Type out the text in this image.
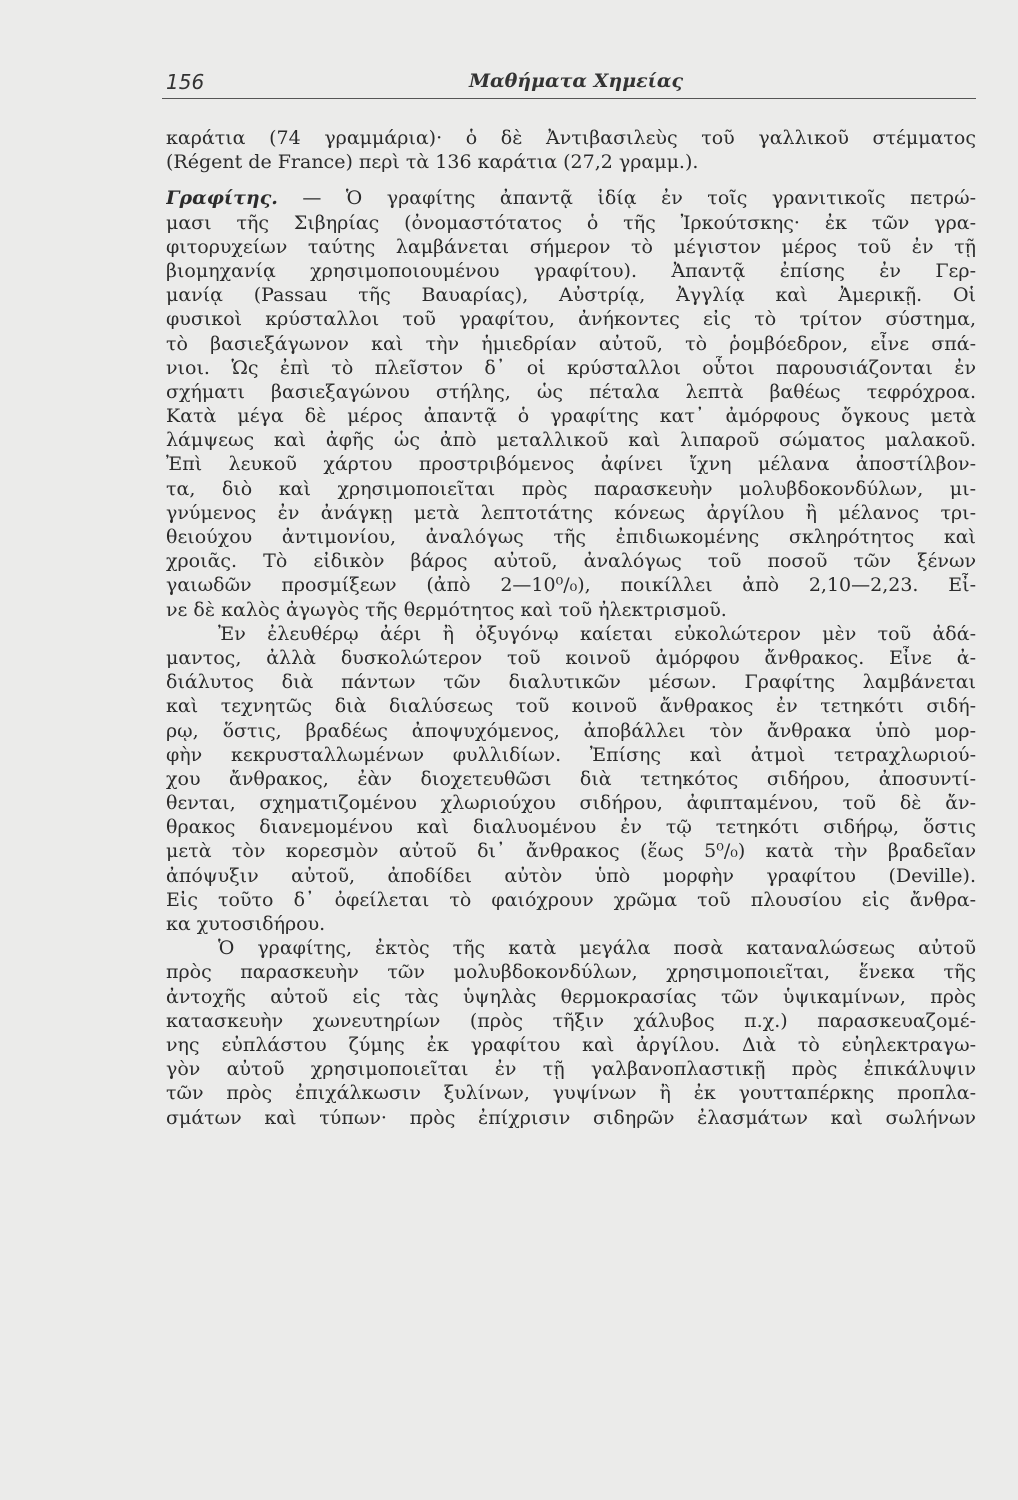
156	Μαθήματα Χημείας
καράτια (74 γραμμάρια)· ὁ δὲ Ἀντιβασιλεὺς τοῦ γαλλικοῦ στέμματος
(Régent de France) περὶ τὰ 136 καράτια (27,2 γραμμ.).
Γραφίτης. — Ὁ γραφίτης ἀπαντᾷ ἰδίᾳ ἐν τοῖς γρανιτικοῖς πετρώ-
μασι τῆς Σιβηρίας (ὀνομαστότατος ὁ τῆς Ἰρκούτσκης· ἐκ τῶν γρα-
φιτορυχείων ταύτης λαμβάνεται σήμερον τὸ μέγιστον μέρος τοῦ ἐν τῇ
βιομηχανίᾳ χρησιμοποιουμένου γραφίτου). Ἀπαντᾷ ἐπίσης ἐν Γερ-
μανίᾳ (Passau τῆς Βαυαρίας), Αὐστρίᾳ, Ἀγγλίᾳ καὶ Ἀμερικῇ. Οἱ
φυσικοὶ κρύσταλλοι τοῦ γραφίτου, ἀνήκοντες εἰς τὸ τρίτον σύστημα,
τὸ βασιεξάγωνον καὶ τὴν ἡμιεδρίαν αὐτοῦ, τὸ ῥομβόεδρον, εἶνε σπά-
νιοι. Ὡς ἐπὶ τὸ πλεῖστον δ᾽ οἱ κρύσταλλοι οὗτοι παρουσιάζονται ἐν
σχήματι βασιεξαγώνου στήλης, ὡς πέταλα λεπτὰ βαθέως τεφρόχροα.
Κατὰ μέγα δὲ μέρος ἀπαντᾷ ὁ γραφίτης κατ᾽ ἀμόρφους ὄγκους μετὰ
λάμψεως καὶ ἀφῆς ὡς ἀπὸ μεταλλικοῦ καὶ λιπαροῦ σώματος μαλακοῦ.
Ἐπὶ λευκοῦ χάρτου προστριβόμενος ἀφίνει ἴχνη μέλανα ἀποστίλβον-
τα, διὸ καὶ χρησιμοποιεῖται πρὸς παρασκευὴν μολυβδοκονδύλων, μι-
γνύμενος ἐν ἀνάγκῃ μετὰ λεπτοτάτης κόνεως ἀργίλου ἢ μέλανος τρι-
θειούχου ἀντιμονίου, ἀναλόγως τῆς ἐπιδιωκομένης σκληρότητος καὶ
χροιᾶς. Τὸ εἰδικὸν βάρος αὐτοῦ, ἀναλόγως τοῦ ποσοῦ τῶν ξένων
γαιωδῶν προσμίξεων (ἀπὸ 2—10⁰/₀), ποικίλλει ἀπὸ 2,10—2,23. Εἶ-
νε δὲ καλὸς ἀγωγὸς τῆς θερμότητος καὶ τοῦ ἠλεκτρισμοῦ.
Ἐν ἐλευθέρῳ ἀέρι ἢ ὀξυγόνῳ καίεται εὐκολώτερον μὲν τοῦ ἀδά-
μαντος, ἀλλὰ δυσκολώτερον τοῦ κοινοῦ ἀμόρφου ἄνθρακος. Εἶνε ἀ-
διάλυτος διὰ πάντων τῶν διαλυτικῶν μέσων. Γραφίτης λαμβάνεται
καὶ τεχνητῶς διὰ διαλύσεως τοῦ κοινοῦ ἄνθρακος ἐν τετηκότι σιδή-
ρῳ, ὅστις, βραδέως ἀποψυχόμενος, ἀποβάλλει τὸν ἄνθρακα ὑπὸ μορ-
φὴν κεκρυσταλλωμένων φυλλιδίων. Ἐπίσης καὶ ἀτμοὶ τετραχλωριού-
χου ἄνθρακος, ἐὰν διοχετευθῶσι διὰ τετηκότος σιδήρου, ἀποσυντί-
θενται, σχηματιζομένου χλωριούχου σιδήρου, ἀφιπταμένου, τοῦ δὲ ἄν-
θρακος διανεμομένου καὶ διαλυομένου ἐν τῷ τετηκότι σιδήρῳ, ὅστις
μετὰ τὸν κορεσμὸν αὐτοῦ δι᾽ ἄνθρακος (ἕως 5⁰/₀) κατὰ τὴν βραδεῖαν
ἀπόψυξιν αὐτοῦ, ἀποδίδει αὐτὸν ὑπὸ μορφὴν γραφίτου (Deville).
Εἰς τοῦτο δ᾽ ὀφείλεται τὸ φαιόχρουν χρῶμα τοῦ πλουσίου εἰς ἄνθρα-
κα χυτοσιδήρου.
Ὁ γραφίτης, ἐκτὸς τῆς κατὰ μεγάλα ποσὰ καταναλώσεως αὐτοῦ
πρὸς παρασκευὴν τῶν μολυβδοκονδύλων, χρησιμοποιεῖται, ἕνεκα τῆς
ἀντοχῆς αὐτοῦ εἰς τὰς ὑψηλὰς θερμοκρασίας τῶν ὑψικαμίνων, πρὸς
κατασκευὴν χωνευτηρίων (πρὸς τῆξιν χάλυβος π.χ.) παρασκευαζομέ-
νης εὐπλάστου ζύμης ἐκ γραφίτου καὶ ἀργίλου. Διὰ τὸ εὐηλεκτραγω-
γὸν αὐτοῦ χρησιμοποιεῖται ἐν τῇ γαλβανοπλαστικῇ πρὸς ἐπικάλυψιν
τῶν πρὸς ἐπιχάλκωσιν ξυλίνων, γυψίνων ἢ ἐκ γουτταπέρκης προπλα-
σμάτων καὶ τύπων· πρὸς ἐπίχρισιν σιδηρῶν ἐλασμάτων καὶ σωλήνων
